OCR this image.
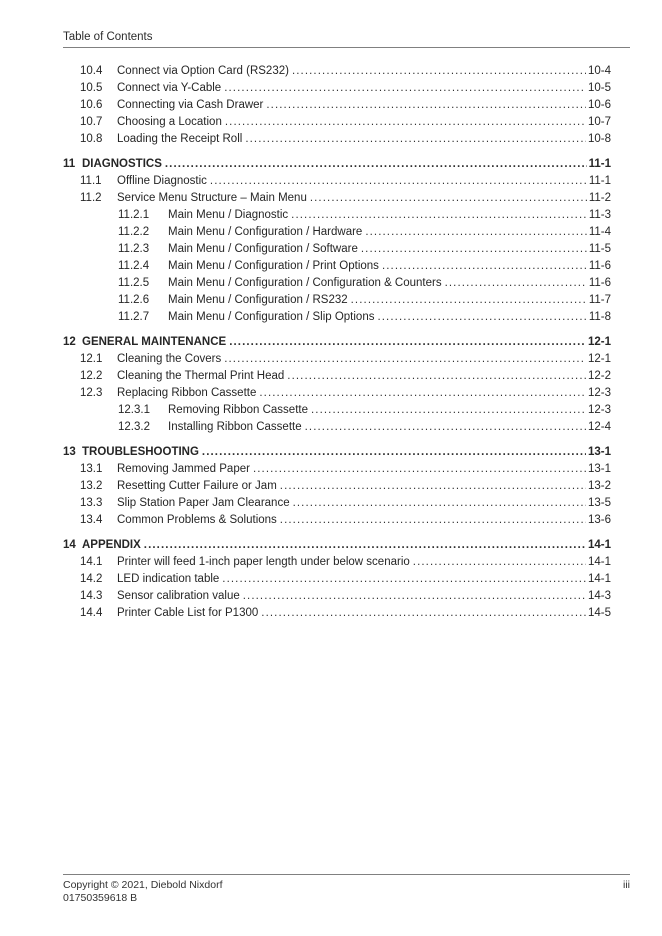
Table of Contents
10.4	Connect via Option Card (RS232) .....	10-4
10.5	Connect via Y-Cable .....	10-5
10.6	Connecting via Cash Drawer .....	10-6
10.7	Choosing a Location .....	10-7
10.8	Loading the Receipt Roll .....	10-8
11 DIAGNOSTICS .....	11-1
11.1	Offline Diagnostic .....	11-1
11.2	Service Menu Structure – Main Menu .....	11-2
11.2.1	Main Menu / Diagnostic .....	11-3
11.2.2	Main Menu / Configuration / Hardware .....	11-4
11.2.3	Main Menu / Configuration / Software .....	11-5
11.2.4	Main Menu / Configuration / Print Options .....	11-6
11.2.5	Main Menu / Configuration / Configuration & Counters .....	11-6
11.2.6	Main Menu / Configuration / RS232 .....	11-7
11.2.7	Main Menu / Configuration / Slip Options .....	11-8
12 GENERAL MAINTENANCE .....	12-1
12.1	Cleaning the Covers .....	12-1
12.2	Cleaning the Thermal Print Head .....	12-2
12.3	Replacing Ribbon Cassette .....	12-3
12.3.1	Removing Ribbon Cassette .....	12-3
12.3.2	Installing Ribbon Cassette .....	12-4
13 TROUBLESHOOTING .....	13-1
13.1	Removing Jammed Paper .....	13-1
13.2	Resetting Cutter Failure or Jam .....	13-2
13.3	Slip Station Paper Jam Clearance .....	13-5
13.4	Common Problems & Solutions .....	13-6
14 APPENDIX .....	14-1
14.1	Printer will feed 1-inch paper length under below scenario .....	14-1
14.2	LED indication table .....	14-1
14.3	Sensor calibration value .....	14-3
14.4	Printer Cable List for P1300 .....	14-5
Copyright © 2021, Diebold Nixdorf
01750359618 B
iii
